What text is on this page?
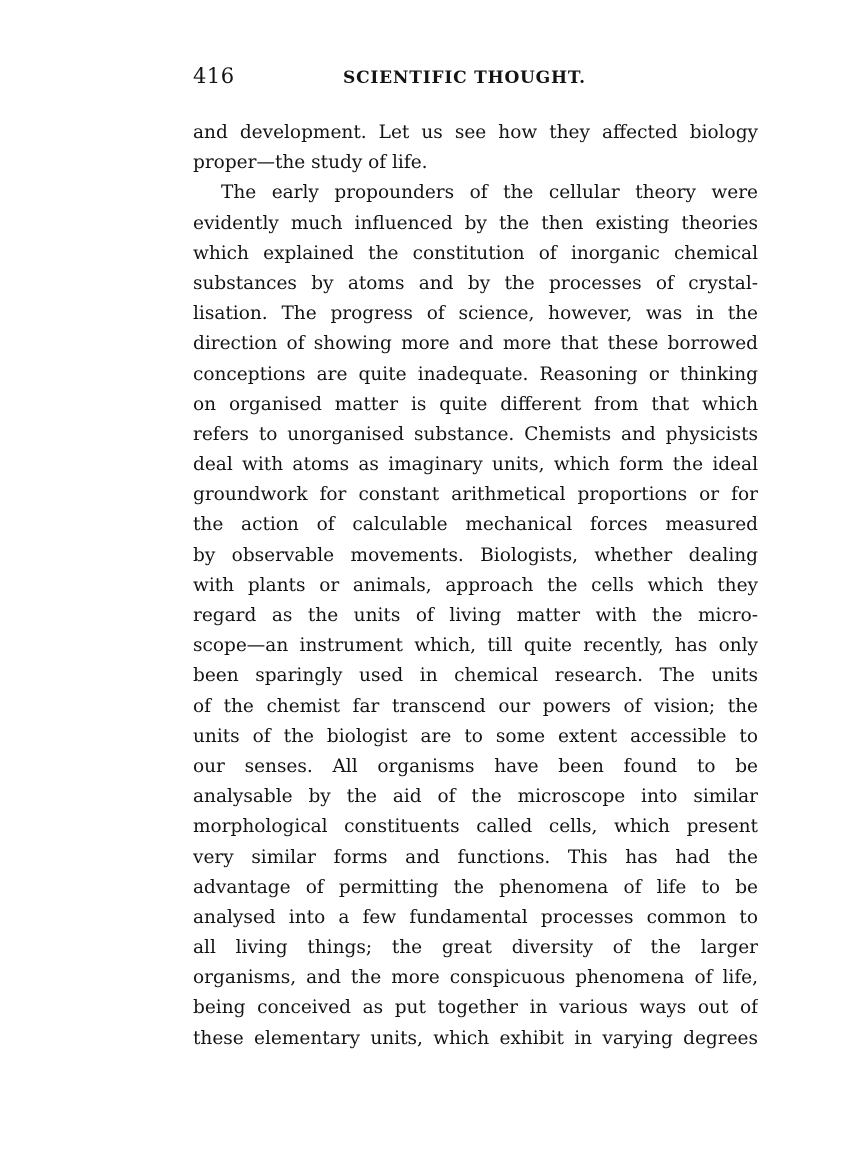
416	SCIENTIFIC THOUGHT.
and development. Let us see how they affected biology
proper—the study of life.
The early propounders of the cellular theory were
evidently much influenced by the then existing theories
which explained the constitution of inorganic chemical
substances by atoms and by the processes of crystal-
lisation. The progress of science, however, was in the
direction of showing more and more that these borrowed
conceptions are quite inadequate. Reasoning or thinking
on organised matter is quite different from that which
refers to unorganised substance. Chemists and physicists
deal with atoms as imaginary units, which form the ideal
groundwork for constant arithmetical proportions or for
the action of calculable mechanical forces measured
by observable movements. Biologists, whether dealing
with plants or animals, approach the cells which they
regard as the units of living matter with the micro-
scope—an instrument which, till quite recently, has only
been sparingly used in chemical research. The units
of the chemist far transcend our powers of vision; the
units of the biologist are to some extent accessible to
our senses. All organisms have been found to be
analysable by the aid of the microscope into similar
morphological constituents called cells, which present
very similar forms and functions. This has had the
advantage of permitting the phenomena of life to be
analysed into a few fundamental processes common to
all living things; the great diversity of the larger
organisms, and the more conspicuous phenomena of life,
being conceived as put together in various ways out of
these elementary units, which exhibit in varying degrees
